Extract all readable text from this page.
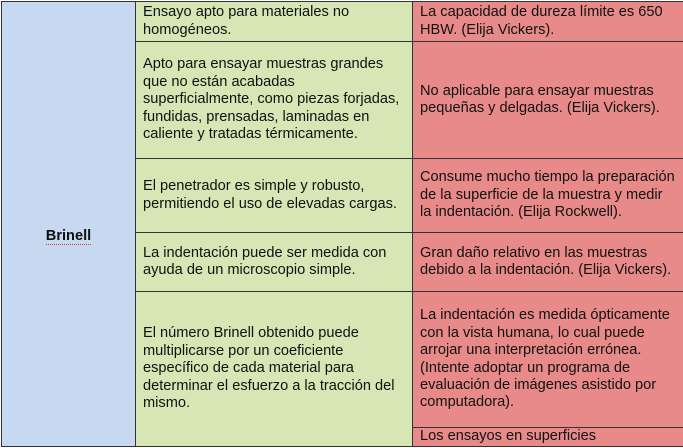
Brinell	Ensayo apto para materiales no homogéneos.	La capacidad de dureza límite es 650 HBW. (Elija Vickers).
	Apto para ensayar muestras grandes que no están acabadas superficialmente, como piezas forjadas, fundidas, prensadas, laminadas en caliente y tratadas térmicamente.	No aplicable para ensayar muestras pequeñas y delgadas. (Elija Vickers).
	El penetrador es simple y robusto, permitiendo el uso de elevadas cargas.	Consume mucho tiempo la preparación de la superficie de la muestra y medir la indentación. (Elija Rockwell).
	La indentación puede ser medida con ayuda de un microscopio simple.	Gran daño relativo en las muestras debido a la indentación. (Elija Vickers).
	El número Brinell obtenido puede multiplicarse por un coeficiente específico de cada material para determinar el esfuerzo a la tracción del mismo.	La indentación es medida ópticamente con la vista humana, lo cual puede arrojar una interpretación errónea. (Intente adoptar un programa de evaluación de imágenes asistido por computadora).
		Los ensayos en superficies
